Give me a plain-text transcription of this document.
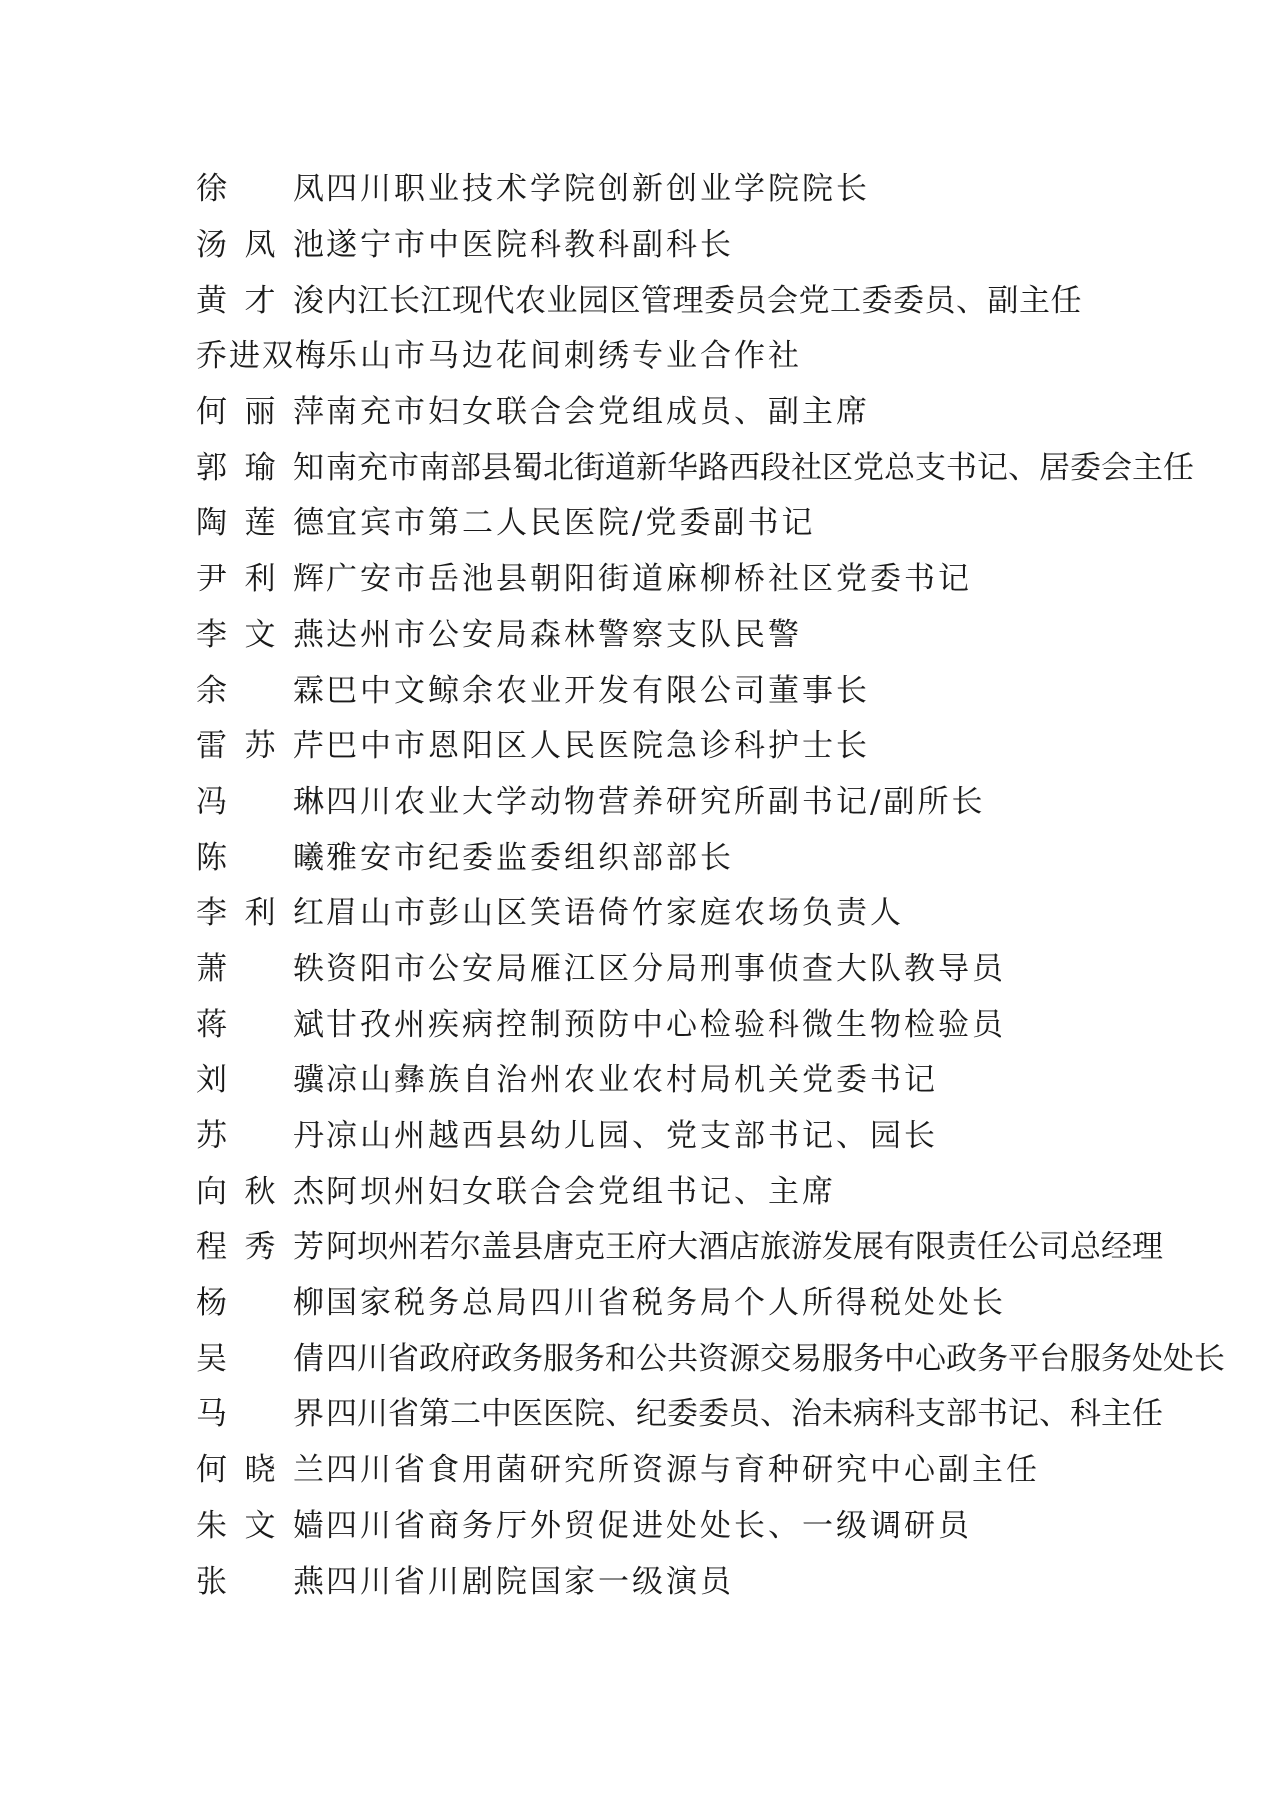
徐 凤 四川职业技术学院创新创业学院院长
汤凤池 遂宁市中医院科教科副科长
黄才浚 内江长江现代农业园区管理委员会党工委委员、副主任
乔进双梅
乐山市马边花间刺绣专业合作社
何丽萍 南充市妇女联合会党组成员、副主席
郭瑜知 南充市南部县蜀北街道新华路西段社区党总支书记、居委会主任
陶莲德 宜宾市第二人民医院/党委副书记
尹利辉 广安市岳池县朝阳街道麻柳桥社区党委书记
李文燕 达州市公安局森林警察支队民警
余 霖 巴中文鲸余农业开发有限公司董事长
雷苏芹 巴中市恩阳区人民医院急诊科护士长
冯 琳 四川农业大学动物营养研究所副书记/副所长
陈 曦 雅安市纪委监委组织部部长
李利红 眉山市彭山区笑语倚竹家庭农场负责人
萧 轶 资阳市公安局雁江区分局刑事侦查大队教导员
蒋 斌 甘孜州疾病控制预防中心检验科微生物检验员
刘 骥 凉山彝族自治州农业农村局机关党委书记
苏 丹 凉山州越西县幼儿园、党支部书记、园长
向秋杰 阿坝州妇女联合会党组书记、主席
程秀芳 阿坝州若尔盖县唐克王府大酒店旅游发展有限责任公司总经理
杨 柳 国家税务总局四川省税务局个人所得税处处长
吴 倩 四川省政府政务服务和公共资源交易服务中心政务平台服务处处长
马 界 四川省第二中医医院、纪委委员、治未病科支部书记、科主任
何晓兰 四川省食用菌研究所资源与育种研究中心副主任
朱文嫱 四川省商务厅外贸促进处处长、一级调研员
张 燕 四川省川剧院国家一级演员
